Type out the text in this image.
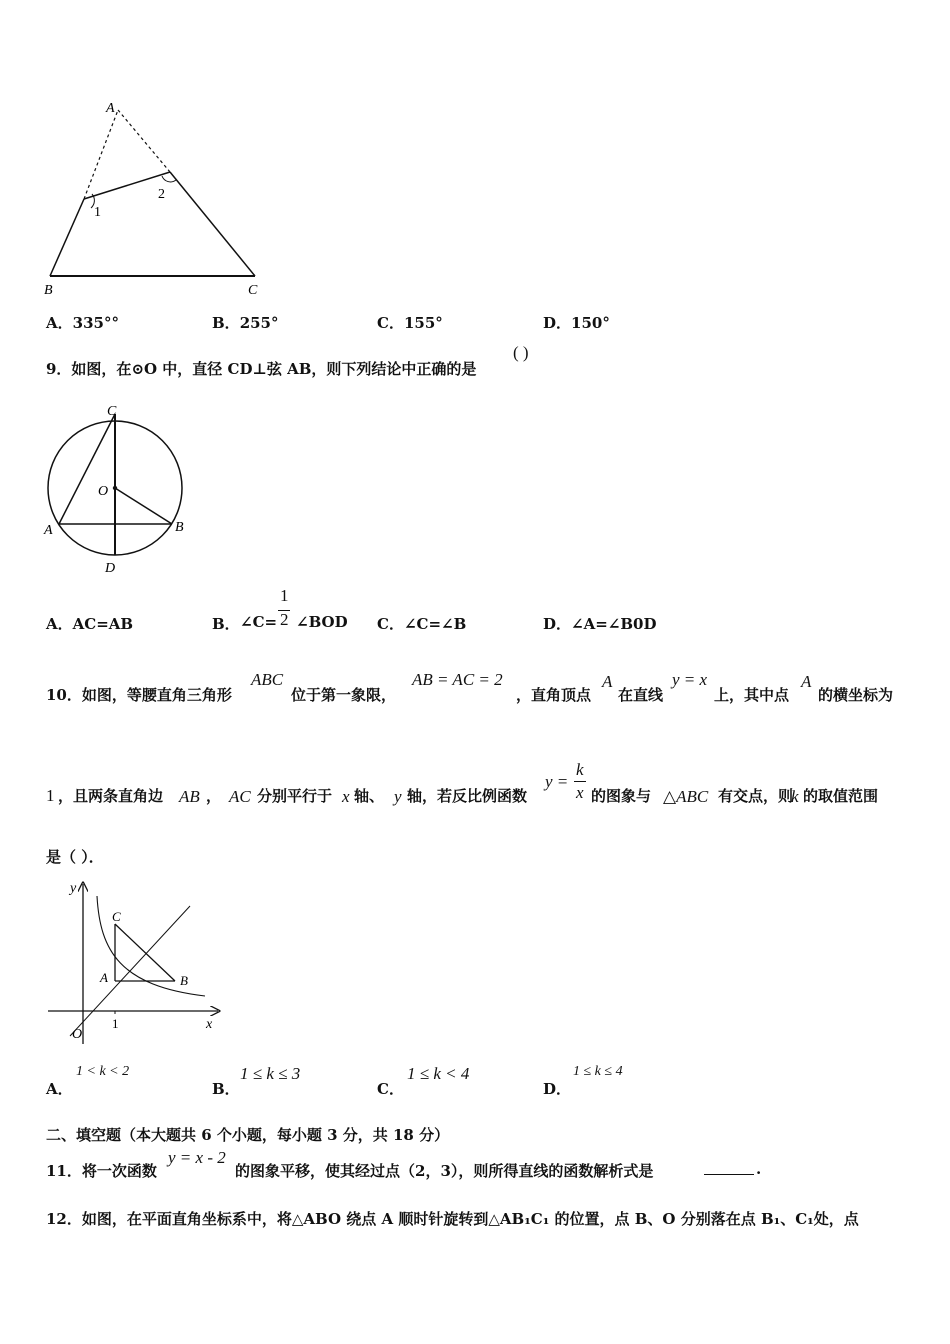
A
1
2
B	C
A．335°°	B．255°	C．155°	D．150°
9．如图，在⊙O 中，直径 CD⊥弦 AB，则下列结论中正确的是
( )
C
O
A	B
D
A．AC=AB	B． ∠C=
1
2 ∠BOD C．∠C=∠B	D．∠A=∠B0D
10．如图，等腰直角三角形
ABC
位于第一象限，
AB = AC = 2
，直角顶点
A
在直线
y = x
上，其中点
A
的横坐标为
1 ，且两条直角边 AB ， AC 分别平行于 x 轴、 y 轴，若反比例函数
y =
k
x 的图象与 △ABC 有交点，则
k 的取值范围
是（ ）．
y
x
O
1
A	B
C
A．
1 < k < 2
B．
1 ≤ k ≤ 3
C．
1 ≤ k < 4
D．
1 ≤ k ≤ 4
二、填空题（本大题共 6 个小题，每小题 3 分，共 18 分）
11．将一次函数
y = x - 2
的图象平移，使其经过点（2，3），则所得直线的函数解析式是	.
12．如图，在平面直角坐标系中，将△ABO 绕点 A 顺时针旋转到△AB₁C₁ 的位置，点 B、O 分别落在点 B₁、C₁处，点
